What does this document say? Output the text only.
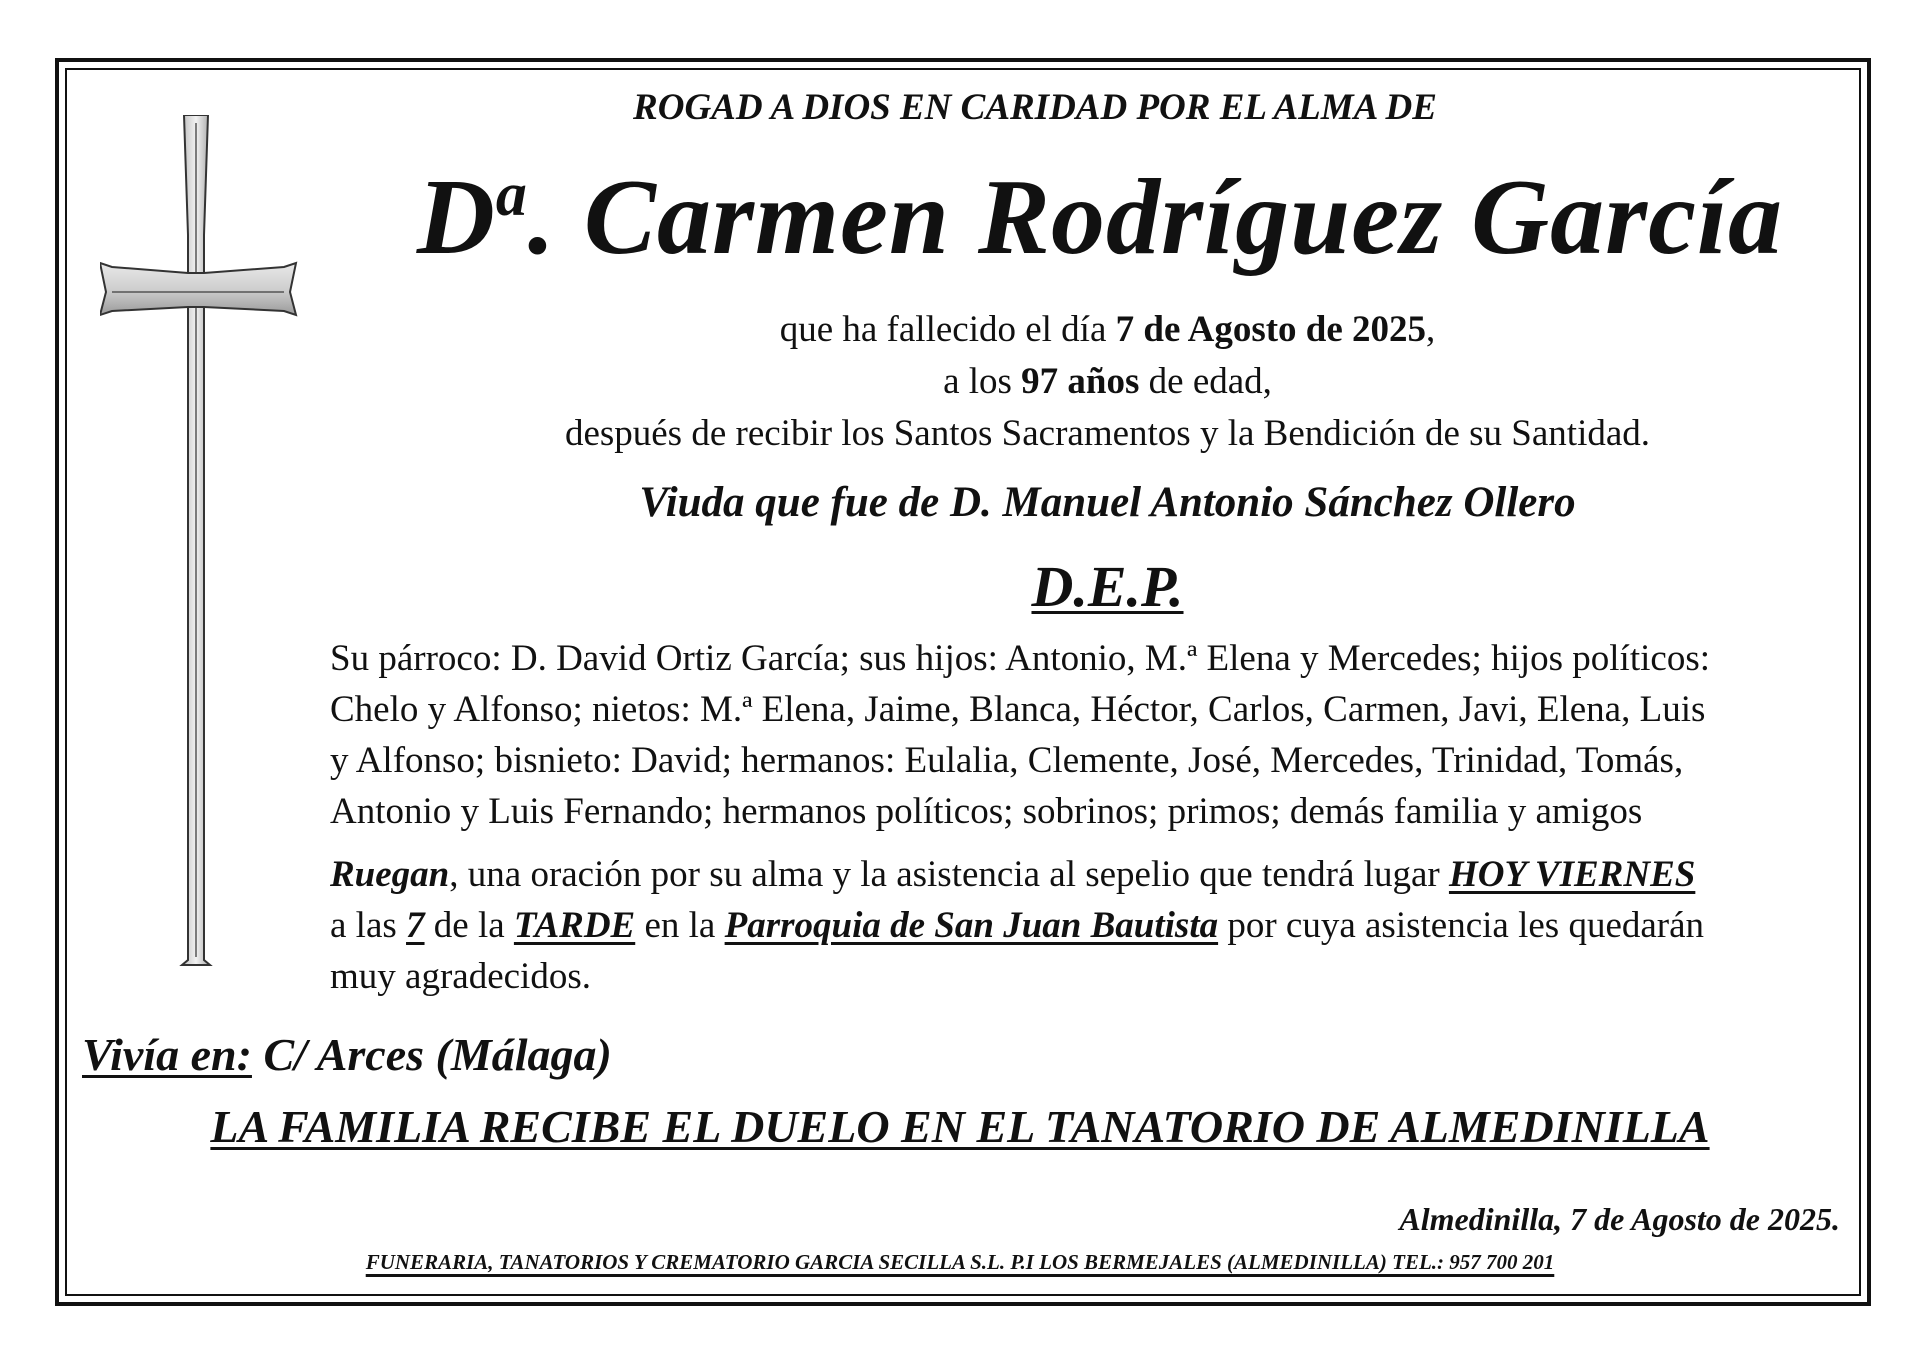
ROGAD A DIOS EN CARIDAD POR EL ALMA DE
$D^a$. Carmen Rodríguez García
que ha fallecido el día 7 de Agosto de 2025,
a los 97 años de edad,
después de recibir los Santos Sacramentos y la Bendición de su Santidad.
Viuda que fue de D. Manuel Antonio Sánchez Ollero
D.E.P.
Su párroco: D. David Ortiz García; sus hijos: Antonio, M.ª Elena y Mercedes; hijos políticos:
Chelo y Alfonso; nietos: M.ª Elena, Jaime, Blanca, Héctor, Carlos, Carmen, Javi, Elena, Luis
y Alfonso; bisnieto: David; hermanos: Eulalia, Clemente, José, Mercedes, Trinidad, Tomás,
Antonio y Luis Fernando; hermanos políticos; sobrinos; primos; demás familia y amigos
Ruegan, una oración por su alma y la asistencia al sepelio que tendrá lugar HOY VIERNES
a las 7 de la TARDE en la Parroquia de San Juan Bautista por cuya asistencia les quedarán
muy agradecidos.
Vivía en: C/ Arces (Málaga)
LA FAMILIA RECIBE EL DUELO EN EL TANATORIO DE ALMEDINILLA
Almedinilla, 7 de Agosto de 2025.
FUNERARIA, TANATORIOS Y CREMATORIO GARCIA SECILLA S.L. P.I LOS BERMEJALES (ALMEDINILLA) TEL.: 957 700 201
